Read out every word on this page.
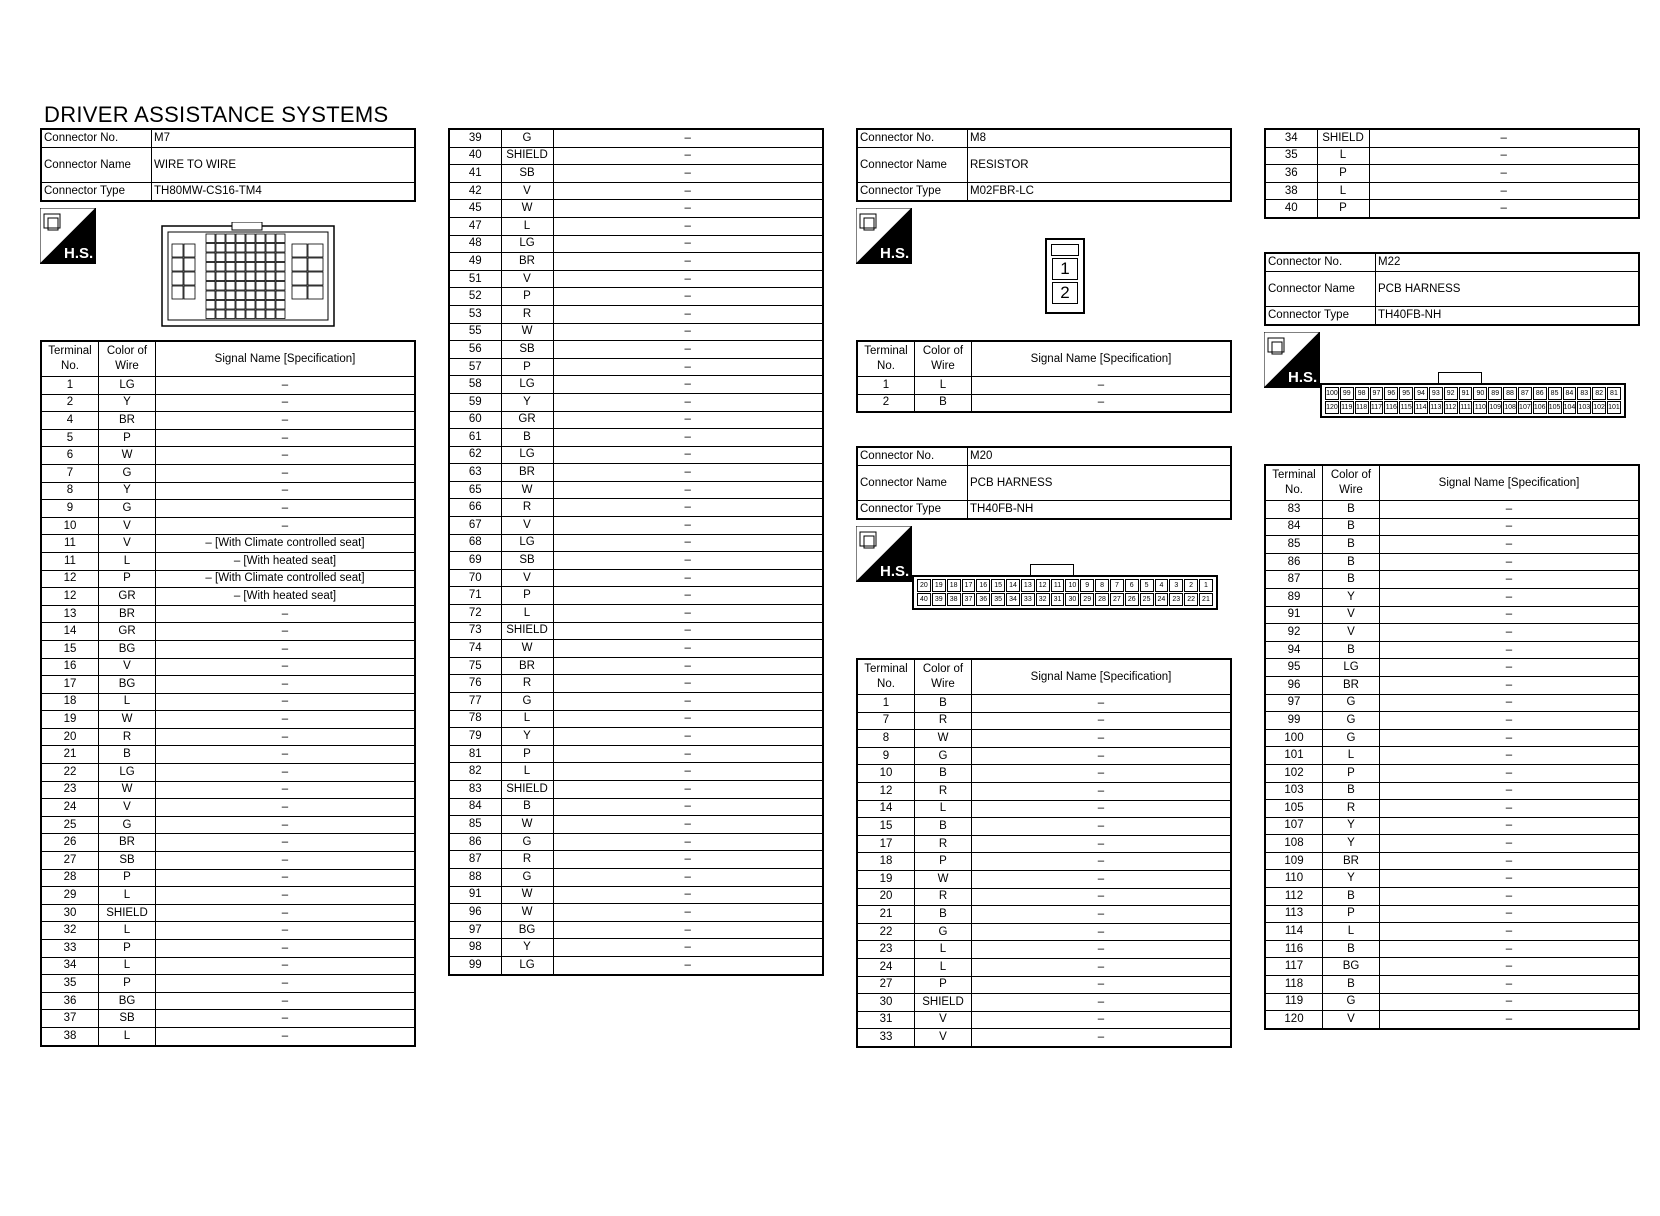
DRIVER ASSISTANCE SYSTEMS
Connector No.	M7
Connector Name	WIRE TO WIRE
Connector Type	TH80MW-CS16-TM4
H.S.
Terminal No.	Color of Wire	Signal Name [Specification]
1	LG	–
2	Y	–
4	BR	–
5	P	–
6	W	–
7	G	–
8	Y	–
9	G	–
10	V	–
11	V	– [With Climate controlled seat]
11	L	– [With heated seat]
12	P	– [With Climate controlled seat]
12	GR	– [With heated seat]
13	BR	–
14	GR	–
15	BG	–
16	V	–
17	BG	–
18	L	–
19	W	–
20	R	–
21	B	–
22	LG	–
23	W	–
24	V	–
25	G	–
26	BR	–
27	SB	–
28	P	–
29	L	–
30	SHIELD	–
32	L	–
33	P	–
34	L	–
35	P	–
36	BG	–
37	SB	–
38	L	–
39	G	–
40	SHIELD	–
41	SB	–
42	V	–
45	W	–
47	L	–
48	LG	–
49	BR	–
51	V	–
52	P	–
53	R	–
55	W	–
56	SB	–
57	P	–
58	LG	–
59	Y	–
60	GR	–
61	B	–
62	LG	–
63	BR	–
65	W	–
66	R	–
67	V	–
68	LG	–
69	SB	–
70	V	–
71	P	–
72	L	–
73	SHIELD	–
74	W	–
75	BR	–
76	R	–
77	G	–
78	L	–
79	Y	–
81	P	–
82	L	–
83	SHIELD	–
84	B	–
85	W	–
86	G	–
87	R	–
88	G	–
91	W	–
96	W	–
97	BG	–
98	Y	–
99	LG	–
Connector No.	M8
Connector Name	RESISTOR
Connector Type	M02FBR-LC
H.S.
1
2
Terminal No.	Color of Wire	Signal Name [Specification]
1	L	–
2	B	–
Connector No.	M20
Connector Name	PCB HARNESS
Connector Type	TH40FB-NH
H.S.
20	19	18	17	16	15	14	13	12	11	10	9	8	7	6	5	4	3	2	1
40	39	38	37	36	35	34	33	32	31	30	29	28	27	26	25	24	23	22	21
Terminal No.	Color of Wire	Signal Name [Specification]
1	B	–
7	R	–
8	W	–
9	G	–
10	B	–
12	R	–
14	L	–
15	B	–
17	R	–
18	P	–
19	W	–
20	R	–
21	B	–
22	G	–
23	L	–
24	L	–
27	P	–
30	SHIELD	–
31	V	–
33	V	–
34	SHIELD	–
35	L	–
36	P	–
38	L	–
40	P	–
Connector No.	M22
Connector Name	PCB HARNESS
Connector Type	TH40FB-NH
H.S.
100 99	98	97	96	95	94	93	92	91	90	89	88	87	86	85	84	83	82	81
120 119 118 117 116 115 114 113 112 111 110 109 108 107 106 105 104 103 102 101
Terminal No.	Color of Wire	Signal Name [Specification]
83	B	–
84	B	–
85	B	–
86	B	–
87	B	–
89	Y	–
91	V	–
92	V	–
94	B	–
95	LG	–
96	BR	–
97	G	–
99	G	–
100	G	–
101	L	–
102	P	–
103	B	–
105	R	–
107	Y	–
108	Y	–
109	BR	–
110	Y	–
112	B	–
113	P	–
114	L	–
116	B	–
117	BG	–
118	B	–
119	G	–
120	V	–
